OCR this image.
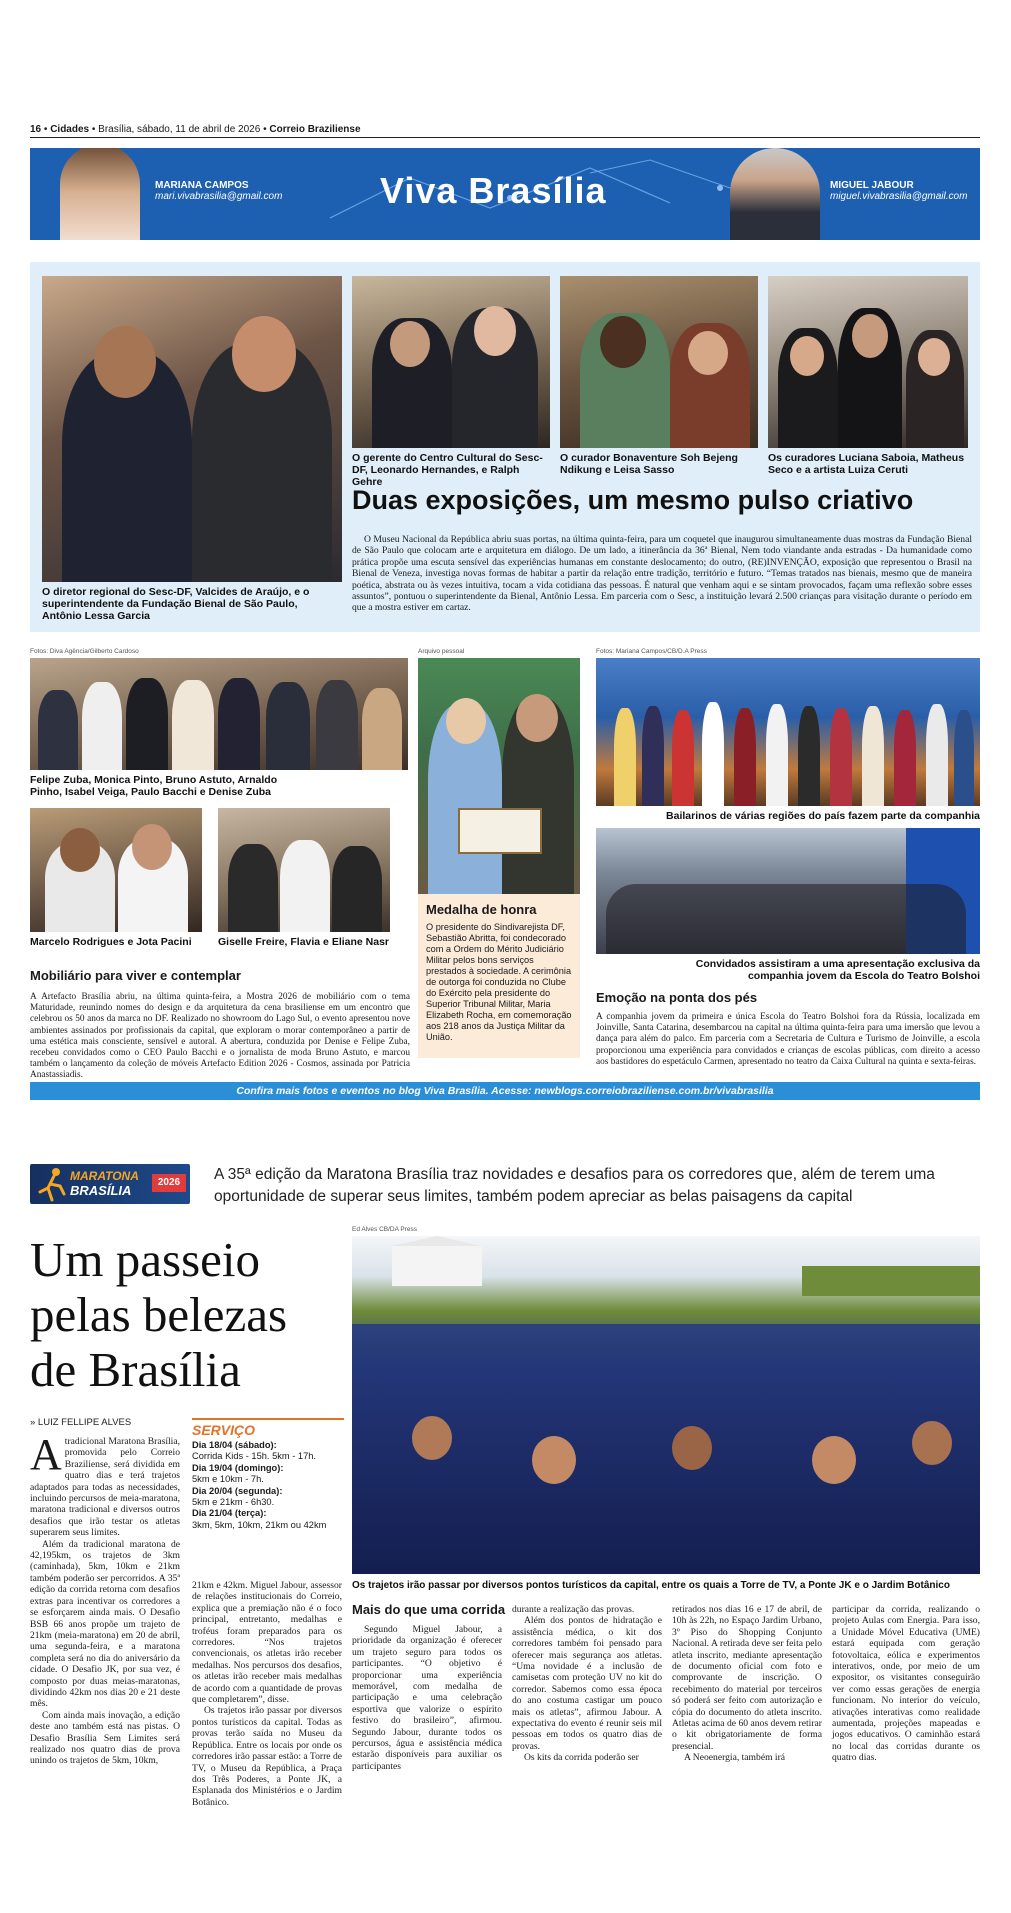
16 • Cidades • Brasília, sábado, 11 de abril de 2026 • Correio Braziliense
MARIANA CAMPOS
mari.vivabrasilia@gmail.com	Viva Brasília	MIGUEL JABOUR
miguel.vivabrasilia@gmail.com
O diretor regional do Sesc-DF, Valcides de Araújo, e o superintendente da Fundação Bienal de São Paulo, Antônio Lessa Garcia
O gerente do Centro Cultural do Sesc-DF, Leonardo Hernandes, e Ralph Gehre
O curador Bonaventure Soh Bejeng Ndikung e Leisa Sasso
Os curadores Luciana Saboia, Matheus Seco e a artista Luiza Ceruti
Duas exposições, um mesmo pulso criativo
O Museu Nacional da República abriu suas portas, na última quinta-feira, para um coquetel que inaugurou simultaneamente duas mostras da Fundação Bienal de São Paulo que colocam arte e arquitetura em diálogo. De um lado, a itinerância da 36ª Bienal, Nem todo viandante anda estradas - Da humanidade como prática propõe uma escuta sensível das experiências humanas em constante deslocamento; do outro, (RE)INVENÇÃO, exposição que representou o Brasil na Bienal de Veneza, investiga novas formas de habitar a partir da relação entre tradição, território e futuro. “Temas tratados nas bienais, mesmo que de maneira poética, abstrata ou às vezes intuitiva, tocam a vida cotidiana das pessoas. É natural que venham aqui e se sintam provocados, façam uma reflexão sobre esses assuntos”, pontuou o superintendente da Bienal, Antônio Lessa. Em parceria com o Sesc, a instituição levará 2.500 crianças para visitação durante o período em que a mostra estiver em cartaz.
Fotos: Diva Agência/Gilberto Cardoso
Felipe Zuba, Monica Pinto, Bruno Astuto, Arnaldo Pinho, Isabel Veiga, Paulo Bacchi e Denise Zuba
Marcelo Rodrigues e Jota Pacini	Giselle Freire, Flavia e Eliane Nasr
Mobiliário para viver e contemplar
A Artefacto Brasília abriu, na última quinta-feira, a Mostra 2026 de mobiliário com o tema Maturidade, reunindo nomes do design e da arquitetura da cena brasiliense em um encontro que celebrou os 50 anos da marca no DF. Realizado no showroom do Lago Sul, o evento apresentou nove ambientes assinados por profissionais da capital, que exploram o morar contemporâneo a partir de uma estética mais consciente, sensível e autoral. A abertura, conduzida por Denise e Felipe Zuba, recebeu convidados como o CEO Paulo Bacchi e o jornalista de moda Bruno Astuto, e marcou também o lançamento da coleção de móveis Artefacto Edition 2026 - Cosmos, assinada por Patricia Anastassiadis.
Arquivo pessoal
Medalha de honra
O presidente do Sindivarejista DF, Sebastião Abritta, foi condecorado com a Ordem do Mérito Judiciário Militar pelos bons serviços prestados à sociedade. A cerimônia de outorga foi conduzida no Clube do Exército pela presidente do Superior Tribunal Militar, Maria Elizabeth Rocha, em comemoração aos 218 anos da Justiça Militar da União.
Fotos: Mariana Campos/CB/D.A Press
Bailarinos de várias regiões do país fazem parte da companhia
Convidados assistiram a uma apresentação exclusiva da companhia jovem da Escola do Teatro Bolshoi
Emoção na ponta dos pés
A companhia jovem da primeira e única Escola do Teatro Bolshoi fora da Rússia, localizada em Joinville, Santa Catarina, desembarcou na capital na última quinta-feira para uma imersão que levou a dança para além do palco. Em parceria com a Secretaria de Cultura e Turismo de Joinville, a escola proporcionou uma experiência para convidados e crianças de escolas públicas, com direito a acesso aos bastidores do espetáculo Carmen, apresentado no teatro da Caixa Cultural na quinta e sexta-feiras.
Confira mais fotos e eventos no blog Viva Brasília. Acesse: newblogs.correiobraziliense.com.br/vivabrasilia
MARATONA
BRASÍLIA
2026	A 35ª edição da Maratona Brasília traz novidades e desafios para os corredores que, além de terem uma oportunidade de superar seus limites, também podem apreciar as belas paisagens da capital
Um passeio pelas belezas de Brasília
Ed Alves CB/DA Press
Os trajetos irão passar por diversos pontos turísticos da capital, entre os quais a Torre de TV, a Ponte JK e o Jardim Botânico
» LUIZ FELLIPE ALVES
A tradicional Maratona Brasília, promovida pelo Correio Braziliense, será dividida em quatro dias e terá trajetos adaptados para todas as necessidades, incluindo percursos de meia-maratona, maratona tradicional e diversos outros desafios que irão testar os atletas superarem seus limites.

Além da tradicional maratona de 42,195km, os trajetos de 3km (caminhada), 5km, 10km e 21km também poderão ser percorridos. A 35ª edição da corrida retorna com desafios extras para incentivar os corredores a se esforçarem ainda mais. O Desafio BSB 66 anos propõe um trajeto de 21km (meia-maratona) em 20 de abril, uma segunda-feira, e a maratona completa será no dia do aniversário da cidade. O Desafio JK, por sua vez, é composto por duas meias-maratonas, dividindo 42km nos dias 20 e 21 deste mês.

Com ainda mais inovação, a edição deste ano também está nas pistas. O Desafio Brasília Sem Limites será realizado nos quatro dias de prova unindo os trajetos de 5km, 10km,

SERVIÇO
Dia 18/04 (sábado):
Corrida Kids - 15h. 5km - 17h.
Dia 19/04 (domingo):
5km e 10km - 7h.
Dia 20/04 (segunda):
5km e 21km - 6h30.
Dia 21/04 (terça):
3km, 5km, 10km, 21km ou 42km
21km e 42km. Miguel Jabour, assessor de relações institucionais do Correio, explica que a premiação não é o foco principal, entretanto, medalhas e troféus foram preparados para os corredores. “Nos trajetos convencionais, os atletas irão receber medalhas. Nos percursos dos desafios, os atletas irão receber mais medalhas de acordo com a quantidade de provas que completarem”, disse.

Os trajetos irão passar por diversos pontos turísticos da capital. Todas as provas terão saída no Museu da República. Entre os locais por onde os corredores irão passar estão: a Torre de TV, o Museu da República, a Praça dos Três Poderes, a Ponte JK, a Esplanada dos Ministérios e o Jardim Botânico.

Mais do que uma corrida

Segundo Miguel Jabour, a prioridade da organização é oferecer um trajeto seguro para todos os participantes. “O objetivo é proporcionar uma experiência memorável, com medalha de participação e uma celebração esportiva que valorize o espírito festivo do brasileiro”, afirmou. Segundo Jabour, durante todos os percursos, água e assistência médica estarão disponíveis para auxiliar os participantes

durante a realização das provas.

Além dos pontos de hidratação e assistência médica, o kit dos corredores também foi pensado para oferecer mais segurança aos atletas. “Uma novidade é a inclusão de camisetas com proteção UV no kit do corredor. Sabemos como essa época do ano costuma castigar um pouco mais os atletas”, afirmou Jabour. A expectativa do evento é reunir seis mil pessoas em todos os quatro dias de provas.

Os kits da corrida poderão ser

retirados nos dias 16 e 17 de abril, de 10h às 22h, no Espaço Jardim Urbano, 3º Piso do Shopping Conjunto Nacional. A retirada deve ser feita pelo atleta inscrito, mediante apresentação de documento oficial com foto e comprovante de inscrição. O recebimento do material por terceiros só poderá ser feito com autorização e cópia do documento do atleta inscrito. Atletas acima de 60 anos devem retirar o kit obrigatoriamente de forma presencial.

A Neoenergia, também irá

participar da corrida, realizando o projeto Aulas com Energia. Para isso, a Unidade Móvel Educativa (UME) estará equipada com geração fotovoltaica, eólica e experimentos interativos, onde, por meio de um expositor, os visitantes conseguirão ver como essas gerações de energia funcionam. No interior do veículo, ativações interativas como realidade aumentada, projeções mapeadas e jogos educativos. O caminhão estará no local das corridas durante os quatro dias.
